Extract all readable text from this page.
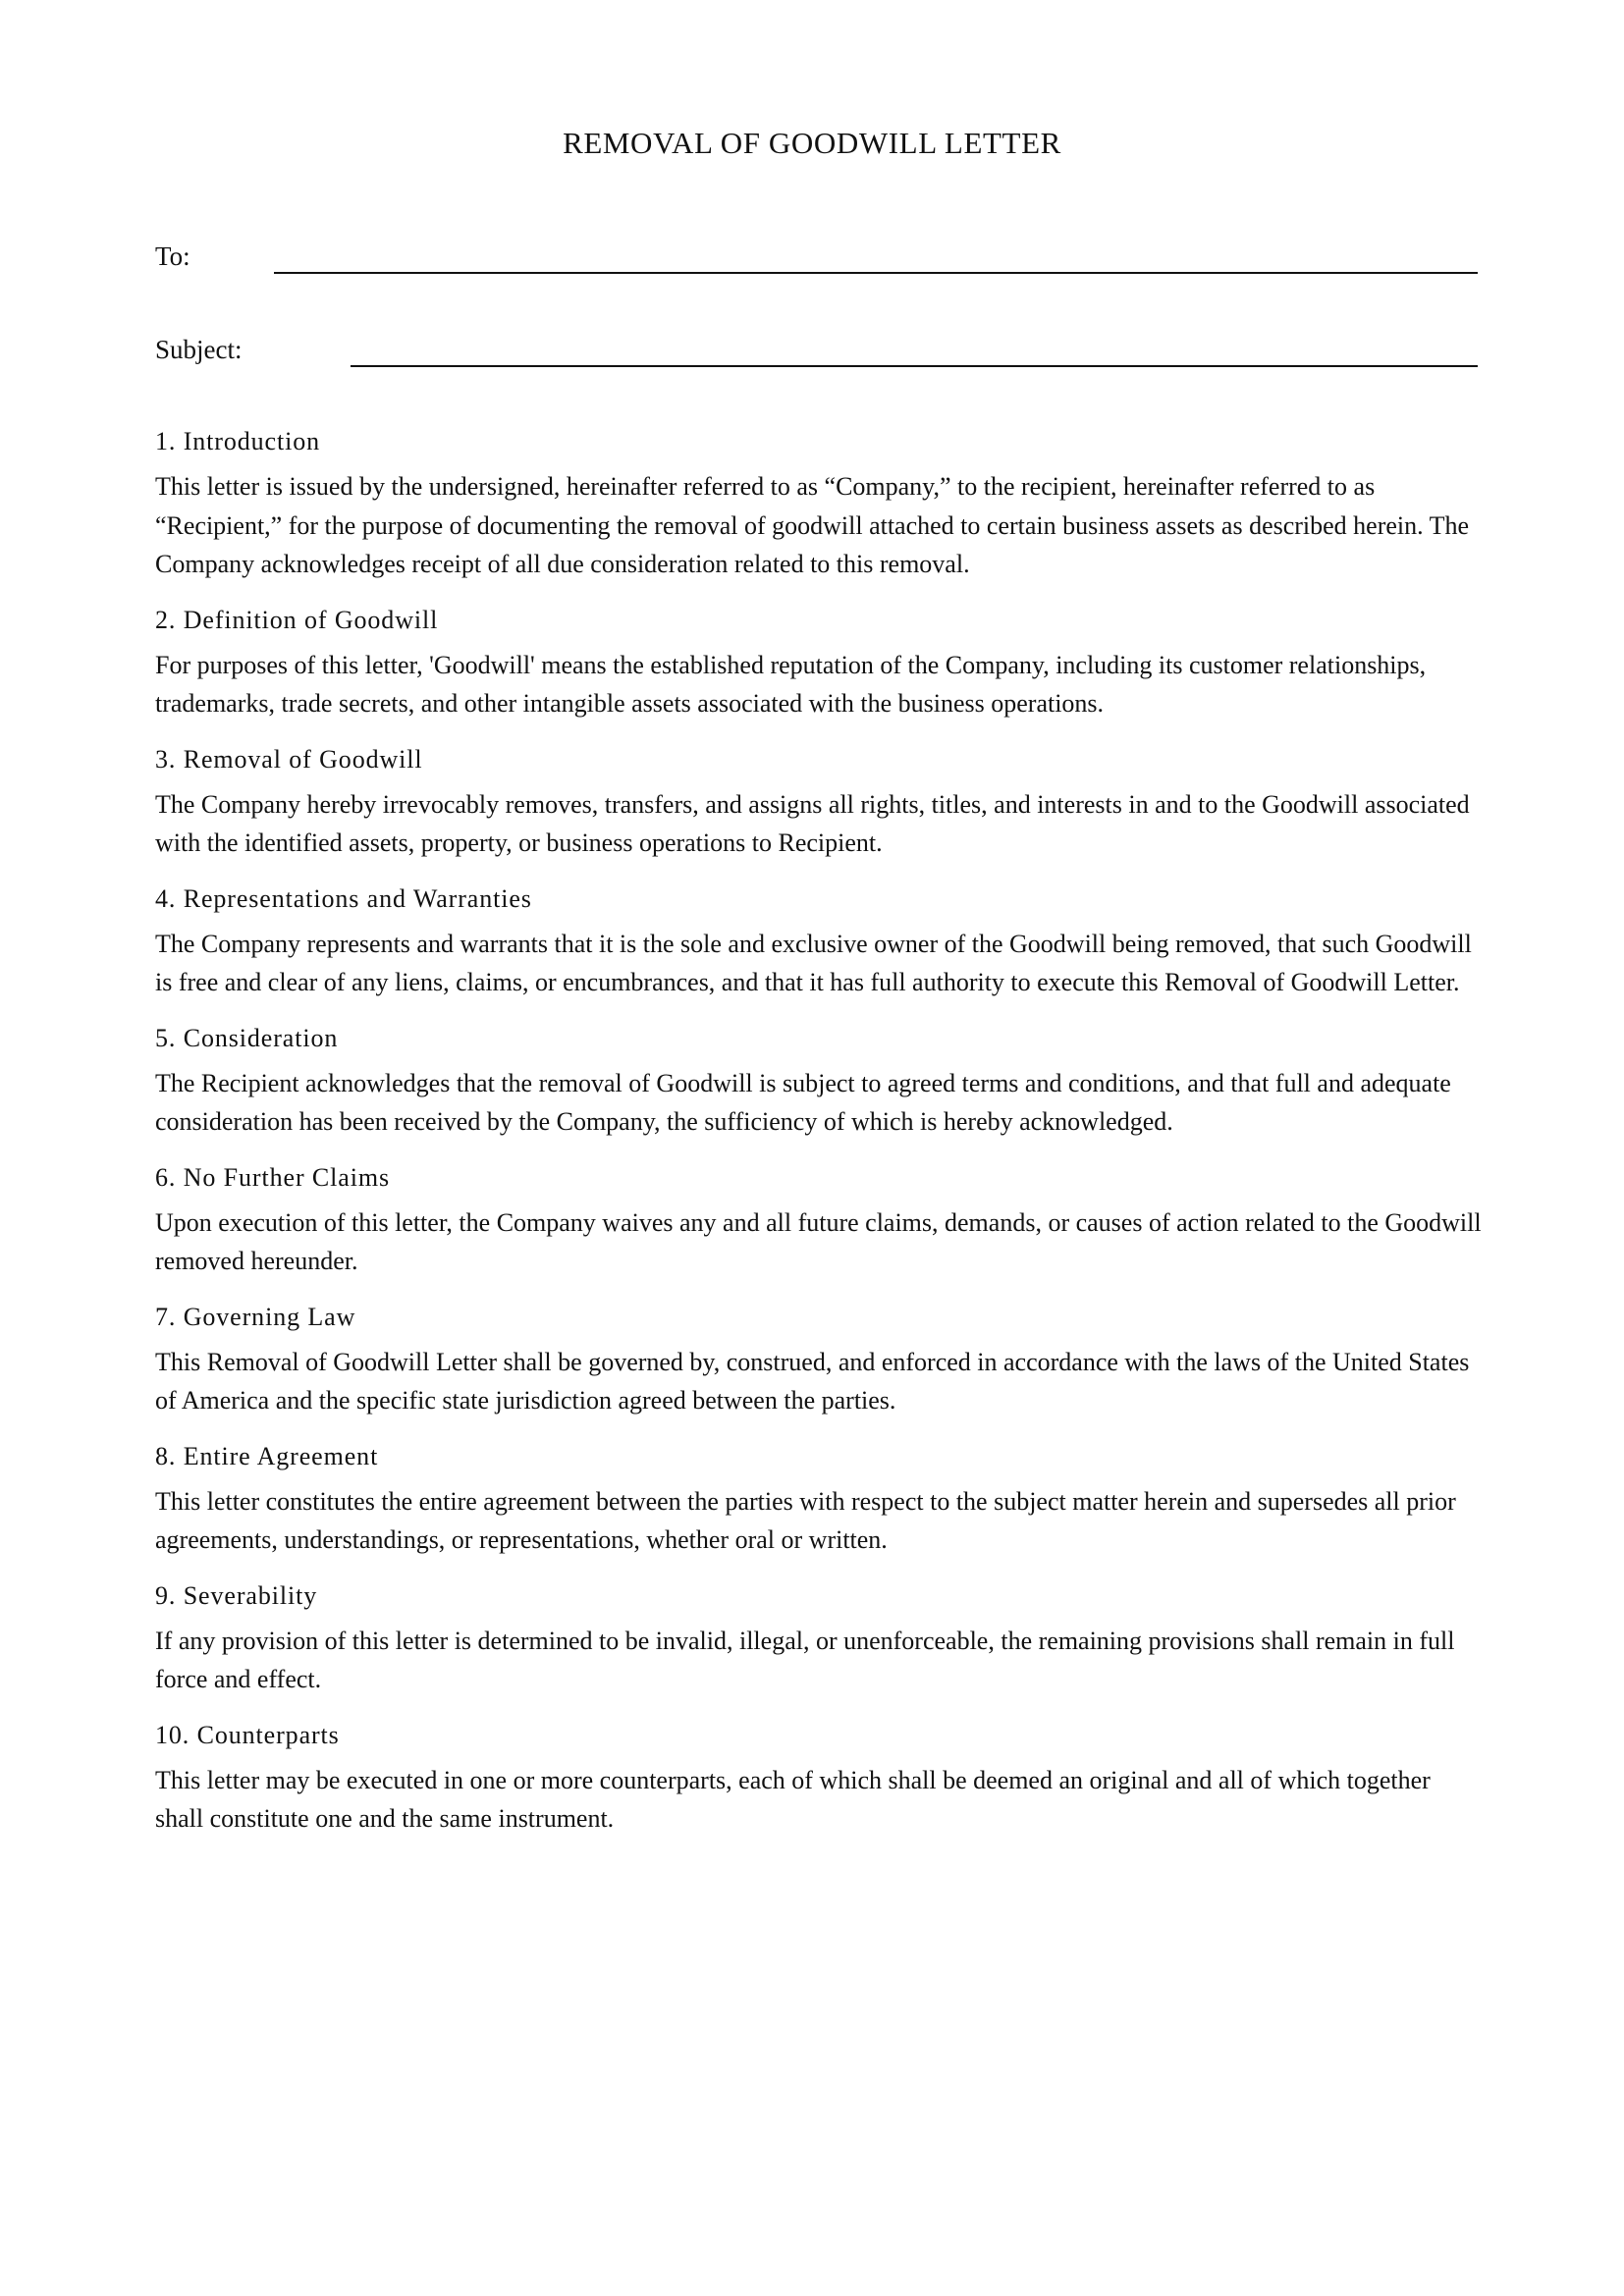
REMOVAL OF GOODWILL LETTER
To:
Subject:
1. Introduction

This letter is issued by the undersigned, hereinafter referred to as “Company,” to the recipient, hereinafter referred to as “Recipient,” for the purpose of documenting the removal of goodwill attached to certain business assets as described herein. The Company acknowledges receipt of all due consideration related to this removal.

2. Definition of Goodwill

For purposes of this letter, 'Goodwill' means the established reputation of the Company, including its customer relationships, trademarks, trade secrets, and other intangible assets associated with the business operations.

3. Removal of Goodwill

The Company hereby irrevocably removes, transfers, and assigns all rights, titles, and interests in and to the Goodwill associated with the identified assets, property, or business operations to Recipient.

4. Representations and Warranties

The Company represents and warrants that it is the sole and exclusive owner of the Goodwill being removed, that such Goodwill is free and clear of any liens, claims, or encumbrances, and that it has full authority to execute this Removal of Goodwill Letter.

5. Consideration

The Recipient acknowledges that the removal of Goodwill is subject to agreed terms and conditions, and that full and adequate consideration has been received by the Company, the sufficiency of which is hereby acknowledged.

6. No Further Claims

Upon execution of this letter, the Company waives any and all future claims, demands, or causes of action related to the Goodwill removed hereunder.

7. Governing Law

This Removal of Goodwill Letter shall be governed by, construed, and enforced in accordance with the laws of the United States of America and the specific state jurisdiction agreed between the parties.

8. Entire Agreement

This letter constitutes the entire agreement between the parties with respect to the subject matter herein and supersedes all prior agreements, understandings, or representations, whether oral or written.

9. Severability

If any provision of this letter is determined to be invalid, illegal, or unenforceable, the remaining provisions shall remain in full force and effect.

10. Counterparts

This letter may be executed in one or more counterparts, each of which shall be deemed an original and all of which together shall constitute one and the same instrument.
